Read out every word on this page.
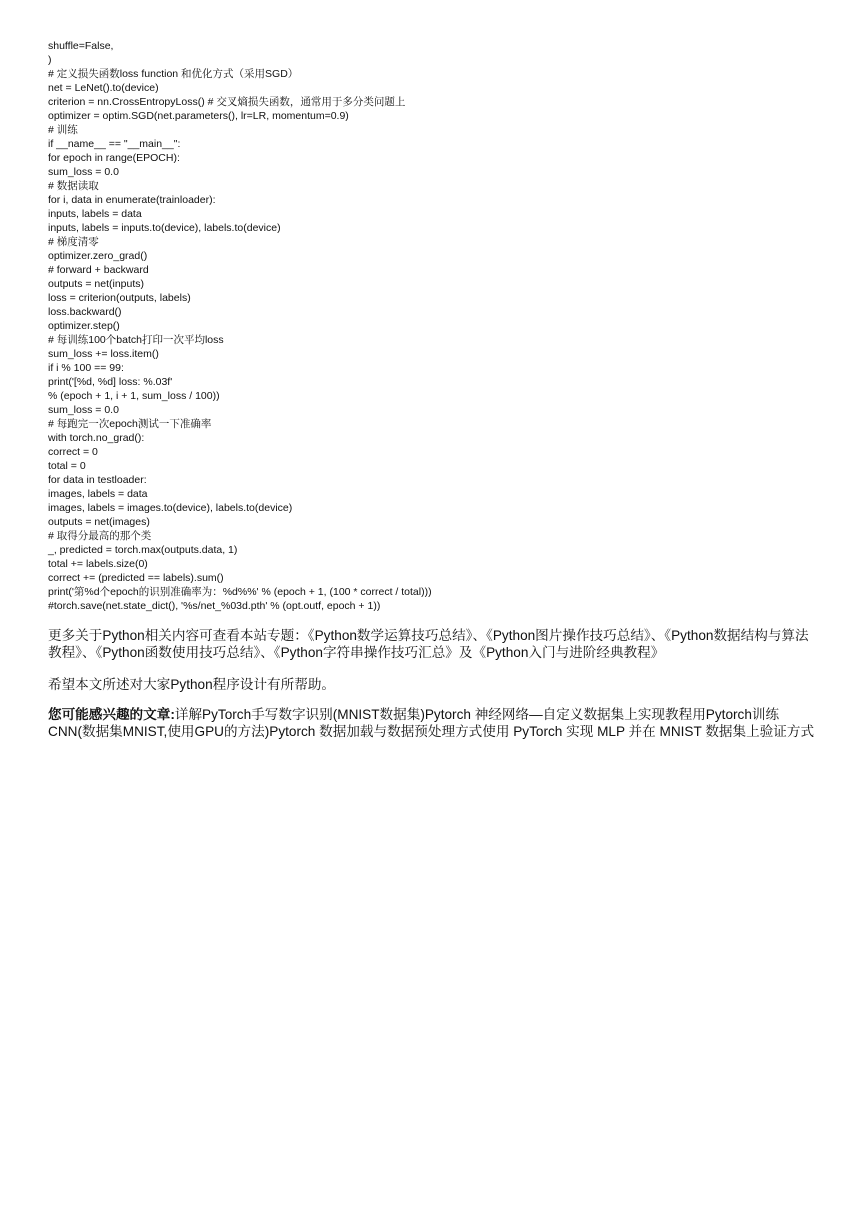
shuffle=False,
)
# 定义损失函数loss function 和优化方式（采用SGD）
net = LeNet().to(device)
criterion = nn.CrossEntropyLoss() # 交叉熵损失函数，通常用于多分类问题上
optimizer = optim.SGD(net.parameters(), lr=LR, momentum=0.9)
# 训练
if __name__ == "__main__":
for epoch in range(EPOCH):
sum_loss = 0.0
# 数据读取
for i, data in enumerate(trainloader):
inputs, labels = data
inputs, labels = inputs.to(device), labels.to(device)
# 梯度清零
optimizer.zero_grad()
# forward + backward
outputs = net(inputs)
loss = criterion(outputs, labels)
loss.backward()
optimizer.step()
# 每训练100个batch打印一次平均loss
sum_loss += loss.item()
if i % 100 == 99:
print('[%d, %d] loss: %.03f'
% (epoch + 1, i + 1, sum_loss / 100))
sum_loss = 0.0
# 每跑完一次epoch测试一下准确率
with torch.no_grad():
correct = 0
total = 0
for data in testloader:
images, labels = data
images, labels = images.to(device), labels.to(device)
outputs = net(images)
# 取得分最高的那个类
_, predicted = torch.max(outputs.data, 1)
total += labels.size(0)
correct += (predicted == labels).sum()
print('第%d个epoch的识别准确率为：%d%%' % (epoch + 1, (100 * correct / total)))
#torch.save(net.state_dict(), '%s/net_%03d.pth' % (opt.outf, epoch + 1))
更多关于Python相关内容可查看本站专题：《Python数学运算技巧总结》、《Python图片操作技巧总结》、《Python数据结构与算法教程》、《Python函数使用技巧总结》、《Python字符串操作技巧汇总》及《Python入门与进阶经典教程》
希望本文所述对大家Python程序设计有所帮助。
您可能感兴趣的文章:详解PyTorch手写数字识别(MNIST数据集)Pytorch 神经网络—自定义数据集上实现教程用Pytorch训练CNN(数据集MNIST,使用GPU的方法)Pytorch 数据加载与数据预处理方式使用 PyTorch 实现 MLP 并在 MNIST 数据集上验证方式
